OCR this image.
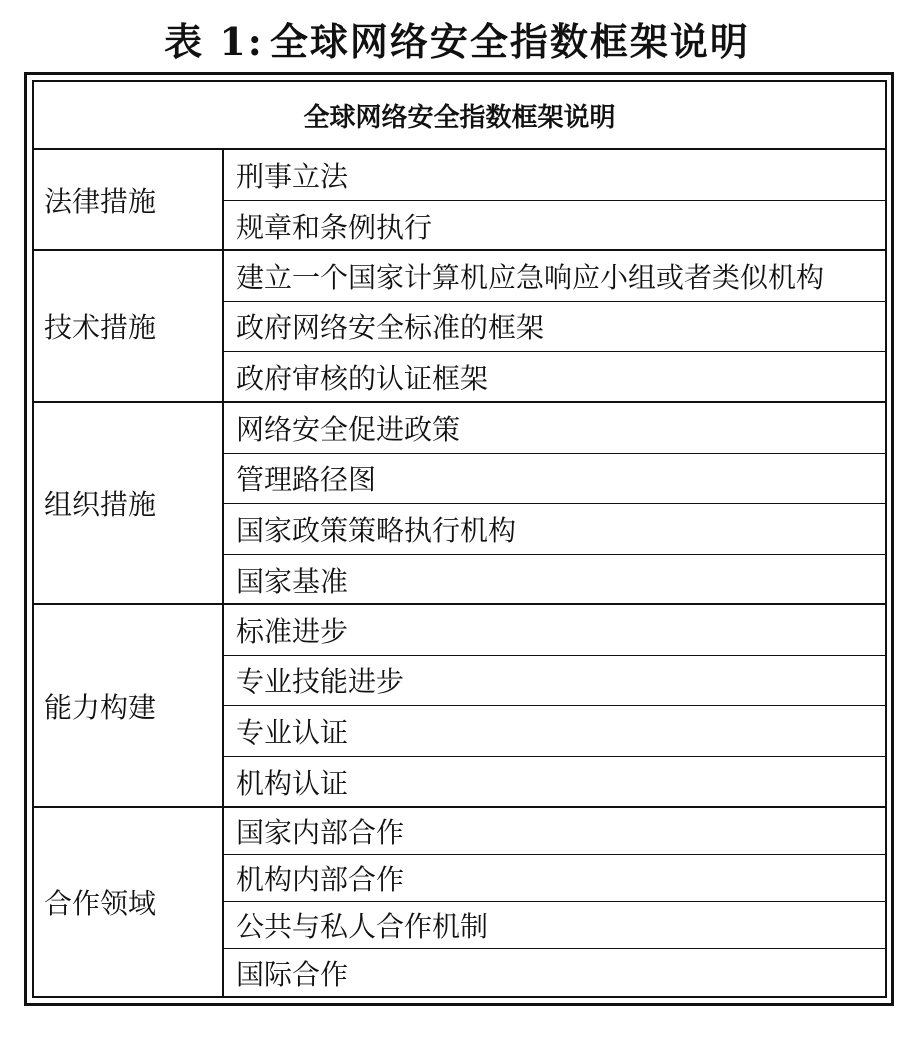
表 1: 全球网络安全指数框架说明
全球网络安全指数框架说明
法律措施
刑事立法
规章和条例执行
技术措施
建立一个国家计算机应急响应小组或者类似机构
政府网络安全标准的框架
政府审核的认证框架
组织措施
网络安全促进政策
管理路径图
国家政策策略执行机构
国家基准
能力构建
标准进步
专业技能进步
专业认证
机构认证
合作领域
国家内部合作
机构内部合作
公共与私人合作机制
国际合作
